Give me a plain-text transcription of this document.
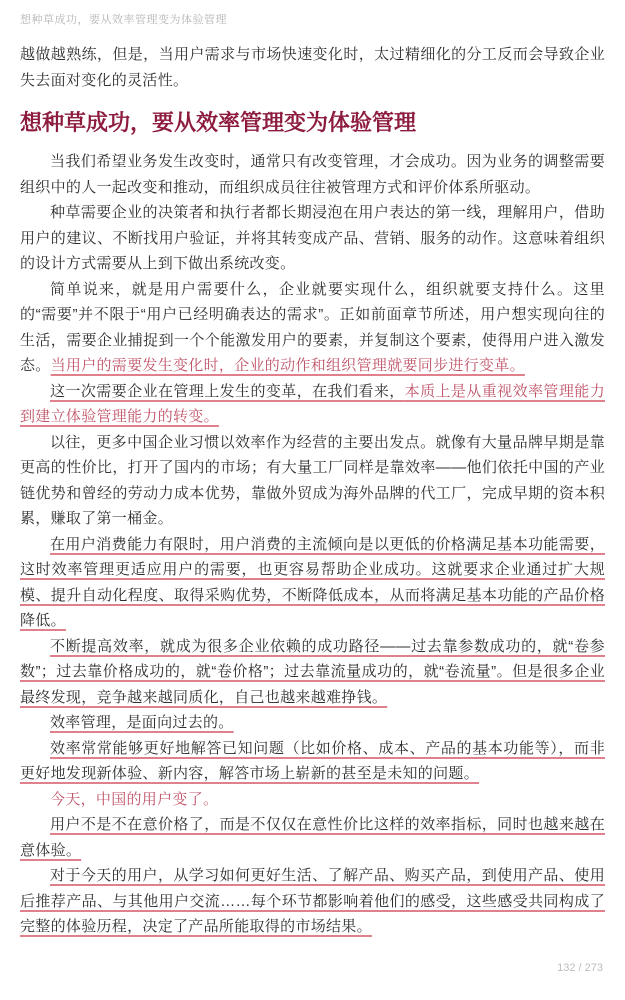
想种草成功，要从效率管理变为体验管理

越做越熟练，但是，当用户需求与市场快速变化时，太过精细化的分工反而会导致企业失去面对变化的灵活性。

想种草成功，要从效率管理变为体验管理

当我们希望业务发生改变时，通常只有改变管理，才会成功。因为业务的调整需要组织中的人一起改变和推动，而组织成员往往被管理方式和评价体系所驱动。

种草需要企业的决策者和执行者都长期浸泡在用户表达的第一线，理解用户，借助用户的建议、不断找用户验证，并将其转变成产品、营销、服务的动作。这意味着组织的设计方式需要从上到下做出系统改变。

简单说来，就是用户需要什么，企业就要实现什么，组织就要支持什么。这里的“需要”并不限于“用户已经明确表达的需求”。正如前面章节所述，用户想实现向往的生活，需要企业捕捉到一个个能激发用户的要素，并复制这个要素，使得用户进入激发态。当用户的需要发生变化时，企业的动作和组织管理就要同步进行变革。

这一次需要企业在管理上发生的变革，在我们看来，本质上是从重视效率管理能力到建立体验管理能力的转变。

以往，更多中国企业习惯以效率作为经营的主要出发点。就像有大量品牌早期是靠更高的性价比，打开了国内的市场；有大量工厂同样是靠效率——他们依托中国的产业链优势和曾经的劳动力成本优势，靠做外贸成为海外品牌的代工厂，完成早期的资本积累，赚取了第一桶金。

在用户消费能力有限时，用户消费的主流倾向是以更低的价格满足基本功能需要，这时效率管理更适应用户的需要，也更容易帮助企业成功。这就要求企业通过扩大规模、提升自动化程度、取得采购优势，不断降低成本，从而将满足基本功能的产品价格降低。

不断提高效率，就成为很多企业依赖的成功路径——过去靠参数成功的，就“卷参数”；过去靠价格成功的，就“卷价格”；过去靠流量成功的，就“卷流量”。但是很多企业最终发现，竞争越来越同质化，自己也越来越难挣钱。

效率管理，是面向过去的。

效率常常能够更好地解答已知问题（比如价格、成本、产品的基本功能等），而非更好地发现新体验、新内容，解答市场上崭新的甚至是未知的问题。

今天，中国的用户变了。

用户不是不在意价格了，而是不仅仅在意性价比这样的效率指标，同时也越来越在意体验。

对于今天的用户，从学习如何更好生活、了解产品、购买产品，到使用产品、使用后推荐产品、与其他用户交流……每个环节都影响着他们的感受，这些感受共同构成了完整的体验历程，决定了产品所能取得的市场结果。

132 / 273
